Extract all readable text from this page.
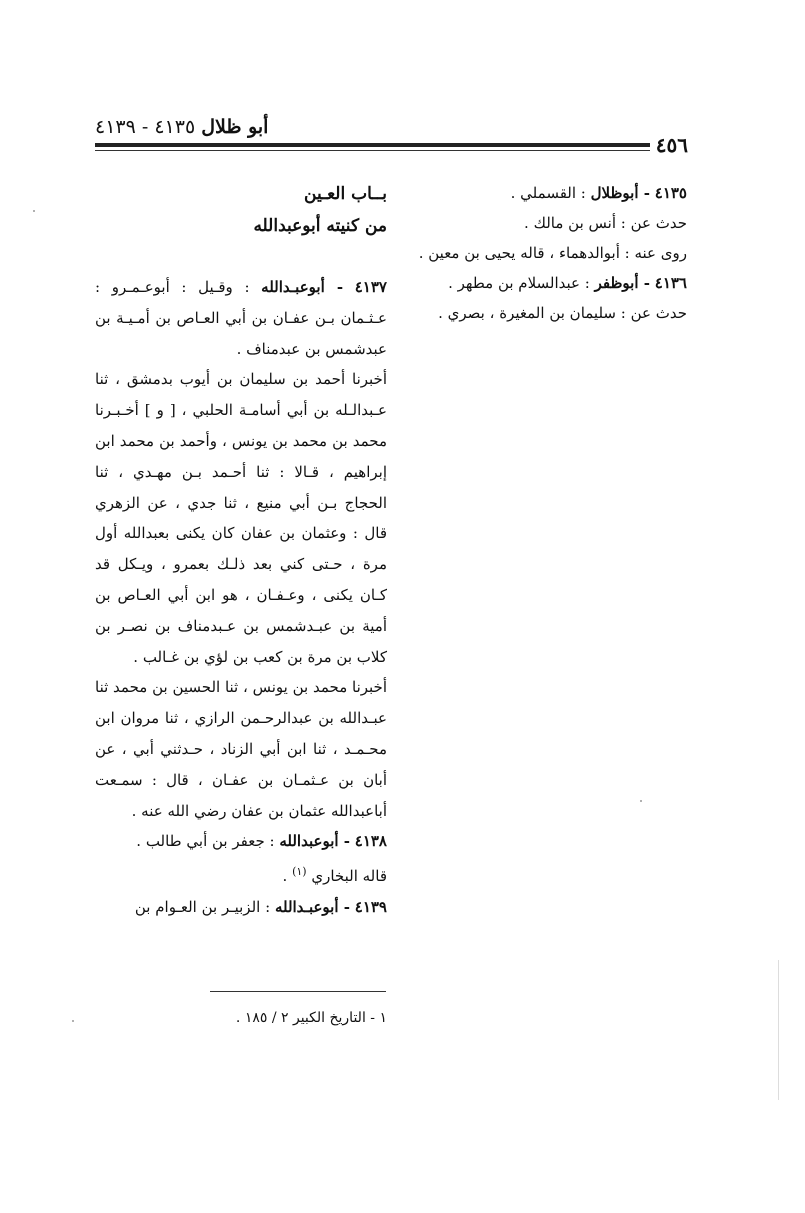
أبو ظلال ٤١٣٥ - ٤١٣٩
٤٥٦

٤١٣٥ - أبوظلال : القسملي .

حدث عن : أنس بن مالك .

روى عنه : أبوالدهماء ، قاله يحيى بن معين .

٤١٣٦ - أبوظفر : عبدالسلام بن مطهر .

حدث عن : سليمان بن المغيرة ، بصري .

بــاب العـين
من كنيته أبوعبدالله

٤١٣٧ - أبوعبـدالله : وقـيل : أبوعـمـرو : عـثـمان بـن عفـان بن أبي العـاص بن أمـيـة بن عبدشمس بن عبدمناف .

أخبرنا أحمد بن سليمان بن أيوب بدمشق ، ثنا عـبدالـله بن أبي أسامـة الحلبي ، [ و ] أخـبـرنا محمد بن محمد بن يونس ، وأحمد بن محمد ابن إبراهيم ، قـالا : ثنا أحـمد بـن مهـدي ، ثنا الحجاج بـن أبي منيع ، ثنا جدي ، عن الزهري قال : وعثمان بن عفان كان يكنى بعبدالله أول مرة ، حـتى كني بعد ذلـك بعمرو ، ويـكل قد كـان يكنى ، وعـفـان ، هو ابن أبي العـاص بن أمية بن عبـدشمس بن عـبدمناف بن نصـر بن كلاب بن مرة بن كعب بن لؤي بن غـالب .

أخبرنا محمد بن يونس ، ثنا الحسين بن محمد ثنا عبـدالله بن عبدالرحـمن الرازي ، ثنا مروان ابن محـمـد ، ثنا ابن أبي الزناد ، حـدثني أبي ، عن أبان بن عـثمـان بن عفـان ، قال : سمـعت أباعبدالله عثمان بن عفان رضي الله عنه .

٤١٣٨ - أبوعبدالله : جعفر بن أبي طالب .

قاله البخاري $^{(١)}$ .

٤١٣٩ - أبوعبـدالله : الزبيـر بن العـوام بن

١ - التاريخ الكبير ٢ / ١٨٥ .
